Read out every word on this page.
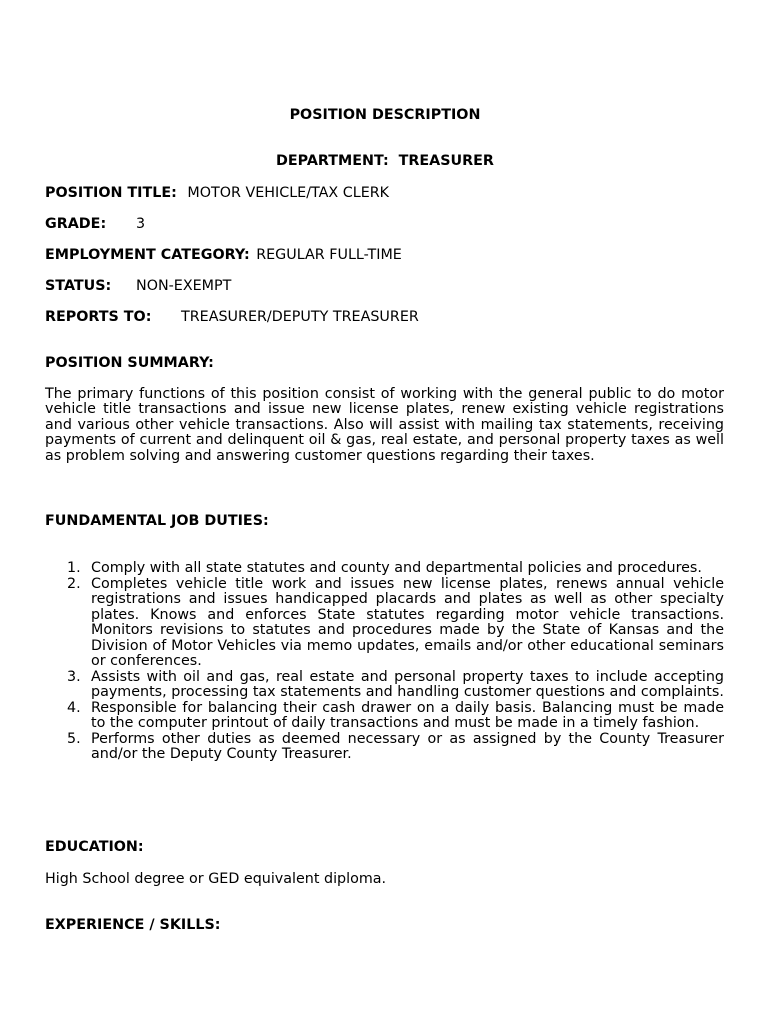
POSITION DESCRIPTION
DEPARTMENT: TREASURER
POSITION TITLE: MOTOR VEHICLE/TAX CLERK
GRADE: 3
EMPLOYMENT CATEGORY: REGULAR FULL-TIME
STATUS: NON-EXEMPT
REPORTS TO: TREASURER/DEPUTY TREASURER
POSITION SUMMARY:
The primary functions of this position consist of working with the general public to do motor vehicle title transactions and issue new license plates, renew existing vehicle registrations and various other vehicle transactions. Also will assist with mailing tax statements, receiving payments of current and delinquent oil & gas, real estate, and personal property taxes as well as problem solving and answering customer questions regarding their taxes.
FUNDAMENTAL JOB DUTIES:
Comply with all state statutes and county and departmental policies and procedures.
Completes vehicle title work and issues new license plates, renews annual vehicle registrations and issues handicapped placards and plates as well as other specialty plates. Knows and enforces State statutes regarding motor vehicle transactions. Monitors revisions to statutes and procedures made by the State of Kansas and the Division of Motor Vehicles via memo updates, emails and/or other educational seminars or conferences.
Assists with oil and gas, real estate and personal property taxes to include accepting payments, processing tax statements and handling customer questions and complaints.
Responsible for balancing their cash drawer on a daily basis. Balancing must be made to the computer printout of daily transactions and must be made in a timely fashion.
Performs other duties as deemed necessary or as assigned by the County Treasurer and/or the Deputy County Treasurer.
EDUCATION:
High School degree or GED equivalent diploma.
EXPERIENCE / SKILLS:
